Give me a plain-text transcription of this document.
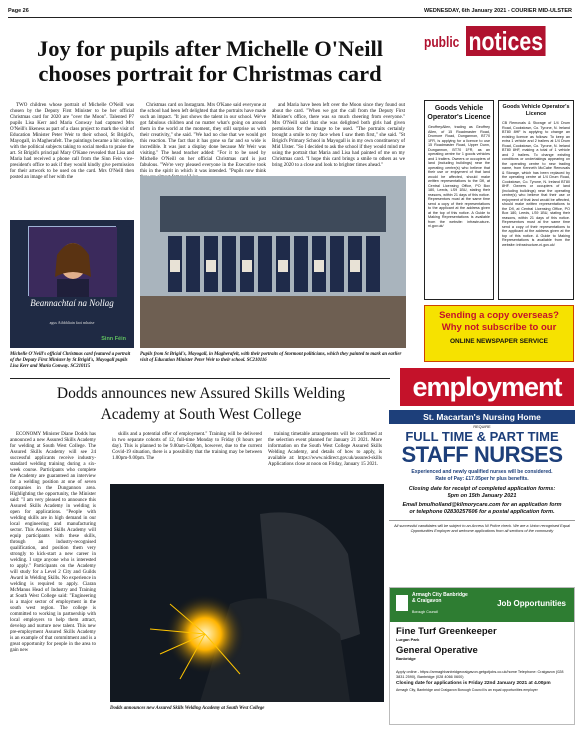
Page 26	WEDNESDAY, 6th January 2021 - COURIER MID-ULSTER
Joy for pupils after Michelle O'Neill chooses portrait for Christmas card

TWO children whose portrait of Michelle O'Neill was chosen by the Deputy First Minister to be her official Christmas card for 2020 are "over the Moon". Talented P7 pupils Lisa Kerr and Maria Conway had captured Mrs O'Neill's likeness as part of a class project to mark the visit of Education Minister Peter Weir to their school, St Brigid's, Mayogall, in Magherafelt. The paintings became a hit online, with the political subjects taking to social media to praise the art. St Brigid's principal Mary O'Kane revealed that Lisa and Maria had received a phone call from the Sinn Fein vice-president's office to ask if they would kindly give permission for their artwork to be used on the card. Mrs O'Neill then posted an image of her with the

Christmas card on Instagram. Mrs O'Kane said everyone at the school had been left delighted that the portraits have made such an impact. "It just shows the talent in our school. We've got fabulous children and no matter what's going on around them in the world at the moment, they still surprise us with their creativity," she said. "We had no clue that we would get this reaction. The fact that it has gone so far and so wide is incredible. It was just a display done because Mr Weir was visiting." The head teacher added: "For it to be used by Michelle O'Neill on her official Christmas card is just fabulous. "We're very pleased everyone in the Executive took this in the spirit in which it was intended. "Pupils now think

and Maria have been left over the Moon since they found out about the card. "When we got the call from the Deputy First Minister's office, there was so much cheering from everyone." Mrs O'Neill said that she was delighted both girls had given permission for the image to be used. "The portraits certainly brought a smile to my face when I saw them first," she said. "St Brigid's Primary School in Mayogall is in my own constituency of Mid Ulster. "So I decided to ask the school if they would mind me using the portrait that Maria and Lisa had painted of me on my Christmas card. "I hope this card brings a smile to others as we bring 2020 to a close and look to brighter times ahead."

Beannachtaí na Nollag
agus Athbhliain faoi mhaise
Sinn Féin
Michelle O'Neill's official Christmas card featured a portrait of the Deputy First Minister by St Brigid's, Mayogall pupils Lisa Kerr and Maria Conway. SC210115
Pupils from St Brigid's, Mayogall, in Magherafelt, with their portraits of Stormont politicians, which they painted to mark an earlier visit of Education Minister Peter Weir to their school. SC210116
public notices
Goods Vehicle Operator's Licence
GeoffreyAllen, trading as Geoffrey Allen, of 15 Roadmaster Road, Dromore Road, Dungannon, BT70 1FR, is applying for a licence to use 15 Roadmaster Road, Upper Dunn, Dungannon, BT70 1FR, as an operating centre for 1 goods vehicles and 1 trailers. Owners or occupiers of land (including buildings) near the operating centre(s) who believe that their use or enjoyment of that land would be affected, should make written representations to the DfI, at Central Licensing Office, PO Box 180, Leeds, LS9 1BU, stating their reasons, within 21 days of this notice. Representors must at the same time send a copy of their representations to the applicant at the address given at the top of this notice. A Guide to Making Representations is available from the website: infrastructure-ni.gov.uk/
Goods Vehicle Operator's Licence
CB Removals & Storage of 1/4 Drum Road, Cookstown, Co. Tyrone, N. Ireland BT80 8HF is applying to change an existing licence as follows: To keep an extra 1 vehicle and 2 trailers at 1/4 Drum Road, Cookstown, Co. Tyrone, N. Ireland BT80 8HF, making a total of 1 vehicle and 2 trailers. To change existing conditions or undertakings appearing on the operating centre to new trading name, from Kenneth McCabe Removals & Storage, which has been replaced by the operating centre at 1/4 Drum Road, Cookstown, Co. Tyrone, N. Ireland BT80 8HF. Owners or occupiers of land (including buildings) near the operating centre(s) who believe that their use or enjoyment of that land would be affected, should make written representations to the DfI, at Central Licensing Office, PO Box 180, Leeds, LS9 1BU, stating their reasons, within 21 days of this notice. Representors must at the same time send a copy of their representations to the applicant at the address given at the top of this notice. A Guide to Making Representations is available from the website: infrastructure-ni.gov.uk/
Sending a copy overseas?
Why not subscribe to our
ONLINE NEWSPAPER SERVICE
Dodds announces new Assured Skills Welding Academy at South West College

ECONOMY Minister Diane Dodds has announced a new Assured Skills Academy for welding at South West College. The Assured Skills Academy will see 24 successful applicants receive industry-standard welding training during a six-week course. Participants who complete the Academy are guaranteed an interview for a welding position at one of seven companies in the Dungannon area. Highlighting the opportunity, the Minister said: "I am very pleased to announce this Assured Skills Academy in welding is open for applications. "People with welding skills are in high demand in our local engineering and manufacturing sector. This Assured Skills Academy will equip participants with these skills, through an industry-recognised qualification, and position them very strongly to kick-start a new career in welding. I urge anyone who is interested to apply." Participants on the Academy will study for a Level 2 City and Guilds Award in Welding Skills. No experience in welding is required to apply. Ciaran McManus Head of Industry and Training at South West College said: "Engineering is a major sector of employment in the south west region. The college is committed to working in partnership with local employers to help them attract, develop and nurture new talent. This new pre-employment Assured Skills Academy is an example of that commitment and is a great opportunity for people in the area to gain new

skills and a potential offer of employment." Training will be delivered in two separate cohorts of 12, full-time Monday to Friday (8 hours per day). This is planned to be 9.00am-5.00pm, however, due to the current Covid-19 situation, there is a possibility that the training may be between 1.00pm-9.00pm. The

training timetable arrangements will be confirmed at the selection event planned for January 21 2021. More information on the South West College Assured Skills Welding Academy, and details of how to apply, is available at: https://www.nidirect.gov.uk/assured-skills Applications close at noon on Friday, January 15 2021.

Dodds announces new Assured Skills Welding Academy at South West College
employment
St. Macartan's Nursing Home
REQUIRE
FULL TIME & PART TIME
STAFF NURSES
Experienced and newly qualified nurses will be considered.
Rate of Pay: £17.05per hr plus benefits.
Closing date for receipt of completed application forms:
5pm on 15th January 2021
Email bmulholland@kilmorycare.com for an application form
or telephone 02830257606 for a postal application form.
All successful candidates will be subject to an Access NI Police check. We are a Union recognised Equal Opportunities Employer and welcome applications from all sections of the community
Armagh City Banbridge & Craigavon
Borough Council
Job Opportunities
Fine Turf Greenkeeper
Lurgan Park
General Operative
Banbridge
Apply online - https://armaghbanbridgecraigavon.getgotjobs.co.uk/home Telephone: Craigavon (028 3831 2590), Banbridge (028 4066 0600)
Closing date for applications is Friday 22nd January 2021 at 4.00pm
Armagh City, Banbridge and Craigavon Borough Council is an equal opportunities employer
